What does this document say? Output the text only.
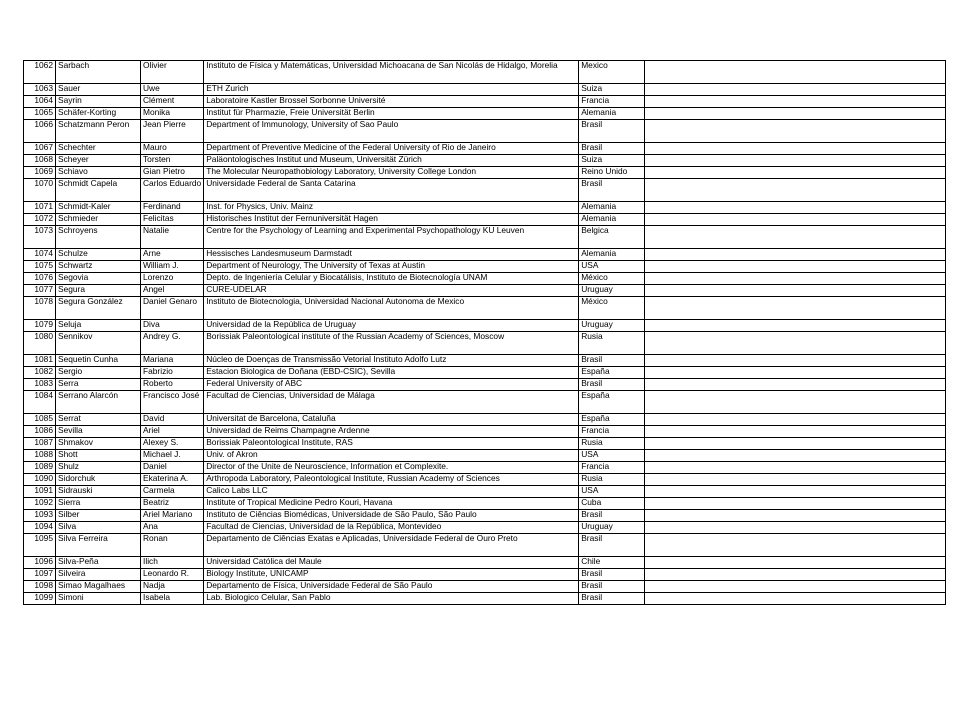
1062	Sarbach	Olivier	Instituto de Física y Matemáticas, Universidad Michoacana de San Nicolás de Hidalgo, Morelia	Mexico	
1063	Sauer	Uwe	ETH Zurich	Suiza	
1064	Sayrin	Clément	Laboratoire Kastler Brossel Sorbonne Université	Francia	
1065	Schäfer-Korting	Monika	Institut für Pharmazie, Freie Universität Berlin	Alemania	
1066	Schatzmann Peron	Jean Pierre	Department of Immunology, University of Sao Paulo	Brasil	
1067	Schechter	Mauro	Department of Preventive Medicine of the Federal University of Rio de Janeiro	Brasil	
1068	Scheyer	Torsten	Paläontologisches Institut und Museum, Universität Zürich	Suiza	
1069	Schiavo	Gian Pietro	The Molecular Neuropathobiology Laboratory, University College London	Reino Unido	
1070	Schmidt Capela	Carlos Eduardo	Universidade Federal de Santa Catarina	Brasil	
1071	Schmidt-Kaler	Ferdinand	Inst. for Physics, Univ. Mainz	Alemania	
1072	Schmieder	Felicitas	Historisches Institut der Fernuniversität Hagen	Alemania	
1073	Schroyens	Natalie	Centre for the Psychology of Learning and Experimental Psychopathology KU Leuven	Belgica	
1074	Schulze	Arne	Hessisches Landesmuseum Darmstadt	Alemania	
1075	Schwartz	William J.	Department of Neurology, The University of Texas at Austin	USA	
1076	Segovia	Lorenzo	Depto. de Ingeniería Celular y Biocatálisis, Instituto de Biotecnología UNAM	México	
1077	Segura	Angel	CURE-UDELAR	Uruguay	
1078	Segura González	Daniel Genaro	Instituto de Biotecnologia, Universidad Nacional Autonoma de Mexico	México	
1079	Seluja	Diva	Universidad de la República de Uruguay	Uruguay	
1080	Sennikov	Andrey G.	Borissiak Paleontological institute of the Russian Academy of Sciences, Moscow	Rusia	
1081	Sequetin Cunha	Mariana	Núcleo de Doenças de Transmissão Vetorial Instituto Adolfo Lutz	Brasil	
1082	Sergio	Fabrizio	Estacion Biologica de Doñana (EBD-CSIC), Sevilla	España	
1083	Serra	Roberto	Federal University of ABC	Brasil	
1084	Serrano Alarcón	Francisco José	Facultad de Ciencias, Universidad de Málaga	España	
1085	Serrat	David	Universitat de Barcelona, Cataluña	España	
1086	Sevilla	Ariel	Universidad de Reims Champagne Ardenne	Francia	
1087	Shmakov	Alexey S.	Borissiak Paleontological Institute, RAS	Rusia	
1088	Shott	Michael J.	Univ. of Akron	USA	
1089	Shulz	Daniel	Director of the Unite de Neuroscience, Information et Complexite.	Francia	
1090	Sidorchuk	Ekaterina A.	Arthropoda Laboratory, Paleontological Institute, Russian Academy of Sciences	Rusia	
1091	Sidrauski	Carmela	Calico Labs LLC	USA	
1092	Sierra	Beatriz	Institute of Tropical Medicine Pedro Kouri, Havana	Cuba	
1093	Silber	Ariel Mariano	Instituto de Ciências Biomédicas, Universidade de São Paulo, São Paulo	Brasil	
1094	Silva	Ana	Facultad de Ciencias, Universidad de la República, Montevideo	Uruguay	
1095	Silva Ferreira	Ronan	Departamento de Ciências Exatas e Aplicadas, Universidade Federal de Ouro Preto	Brasil	
1096	Silva-Peña	Ilich	Universidad Católica del Maule	Chile	
1097	Silveira	Leonardo R.	Biology Institute, UNICAMP	Brasil	
1098	Simao Magalhaes	Nadja	Departamento de Física, Universidade Federal de São Paulo	Brasil	
1099	Simoni	Isabela	Lab. Biologico Celular, San Pablo	Brasil	
